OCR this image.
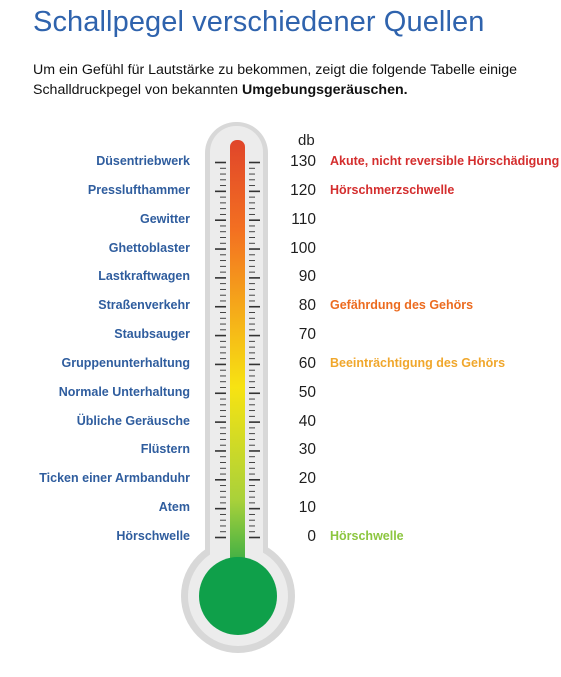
Schallpegel verschiedener Quellen
Um ein Gefühl für Lautstärke zu bekommen, zeigt die folgende Tabelle einige Schalldruckpegel von bekannten Umgebungsgeräuschen.
db
Düsentriebwerk	130 Akute, nicht reversible Hörschädigung
Presslufthammer	120 Hörschmerzschwelle
Gewitter	110
Ghettoblaster	100
Lastkraftwagen	90
Straßenverkehr	80 Gefährdung des Gehörs
Staubsauger	70
Gruppenunterhaltung	60 Beeinträchtigung des Gehörs
Normale Unterhaltung	50
Übliche Geräusche	40
Flüstern	30
Ticken einer Armbanduhr	20
Atem	10
Hörschwelle	0 Hörschwelle
